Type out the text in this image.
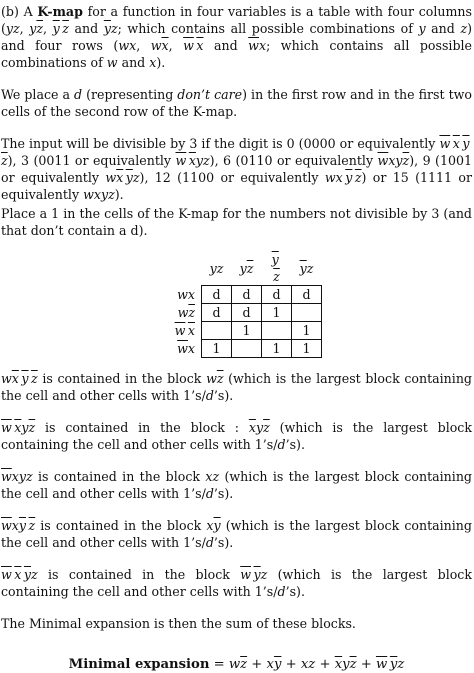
(b) A K-map for a function in four variables is a table with four columns (yz, $y\overline{z}$, $\overline{y}$  $\overline{z}$ and $\overline{y}z$; which contains all possible combinations of y and z) and four rows (wx, $w\overline{x}$, $\overline{w}$  $\overline{x}$ and $\overline{w}x$; which contains all possible combinations of w and x).

We place a d (representing don’t care) in the first row and in the first two cells of the second row of the K-map.

The input will be divisible by 3 if the digit is 0 (0000 or equivalently $\overline{w}$  $\overline{x}$  $\overline{y}$ $\overline{z}$), 3 (0011 or equivalently $\overline{w}$  $\overline{x}yz$), 6 (0110 or equivalently $\overline{w}xy\overline{z}$), 9 (1001 or equivalently $w\overline{x}$  $\overline{y}z$), 12 (1100 or equivalently wx $\overline{y}$  $\overline{z}$) or 15 (1111 or equivalently wxyz).

Place a 1 in the cells of the K-map for the numbers not divisible by 3 (and that don’t contain a d).

	yz	$y\overline{z}$	$\overline{y}$ $\overline{z}$	$\overline{y}z$
wx	d	d	d	d
$w\overline{z}$	d	d	1	
$\overline{w}$  $\overline{x}$		1		1
$\overline{w}x$	1		1	1

$w\overline{x}$  $\overline{y}$  $\overline{z}$ is contained in the block $w\overline{z}$ (which is the largest block containing the cell and other cells with 1’s/d’s).

$\overline{w}$  $\overline{x}y\overline{z}$ is contained in the block : $\overline{x}y\overline{z}$ (which is the largest block containing the cell and other cells with 1’s/d’s).

$\overline{w}xyz$ is contained in the block xz (which is the largest block containing the cell and other cells with 1’s/d’s).

$\overline{w}x\overline{y}$  $\overline{z}$ is contained in the block $x\overline{y}$ (which is the largest block containing the cell and other cells with 1’s/d’s).

$\overline{w}$  $\overline{x}$  $\overline{y}z$ is contained in the block $\overline{w}$  $\overline{y}z$ (which is the largest block containing the cell and other cells with 1’s/d’s).

The Minimal expansion is then the sum of these blocks.

Minimal expansion = $w\overline{z} + x\overline{y}$ + xz + $\overline{x}y\overline{z} + \overline{w}$  $\overline{y}z$
